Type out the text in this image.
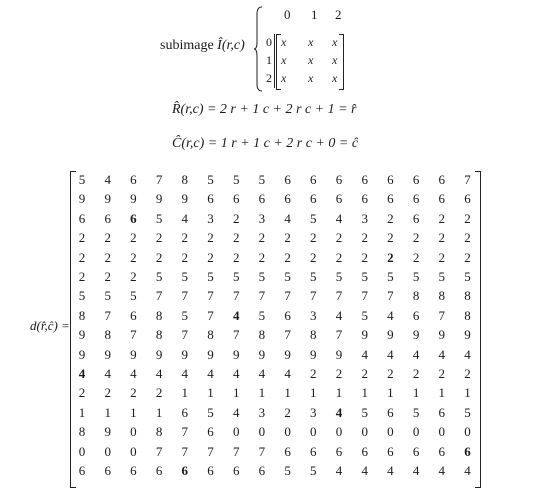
subimage Î(r,c)
0 1 2
0
1
2
x x x
x x x
x x x
R̂(r,c) = 2 r + 1 c + 2 r c + 1 = r̂
Ĉ(r,c) = 1 r + 1 c + 2 r c + 0 = ĉ
d(r̂,ĉ) =
5	4	6	7	8	5	5	5	6	6	6	6	6	6	6	7
9	9	9	9	9	6	6	6	6	6	6	6	6	6	6	6
6	6	6	5	4	3	2	3	4	5	4	3	2	6	2	2
2	2	2	2	2	2	2	2	2	2	2	2	2	2	2	2
2	2	2	2	2	2	2	2	2	2	2	2	2	2	2	2
2	2	2	5	5	5	5	5	5	5	5	5	5	5	5	5
5	5	5	7	7	7	7	7	7	7	7	7	7	8	8	8
8	7	6	8	5	7	4	5	6	3	4	5	4	6	7	8
9	8	7	8	7	8	7	8	7	8	7	9	9	9	9	9
9	9	9	9	9	9	9	9	9	9	9	4	4	4	4	4
4	4	4	4	4	4	4	4	4	2	2	2	2	2	2	2
2	2	2	2	1	1	1	1	1	1	1	1	1	1	1	1
1	1	1	1	6	5	4	3	2	3	4	5	6	5	6	5
8	9	0	8	7	6	0	0	0	0	0	0	0	0	0	0
0	0	0	7	7	7	7	7	6	6	6	6	6	6	6	6
6	6	6	6	6	6	6	6	5	5	4	4	4	4	4	4
